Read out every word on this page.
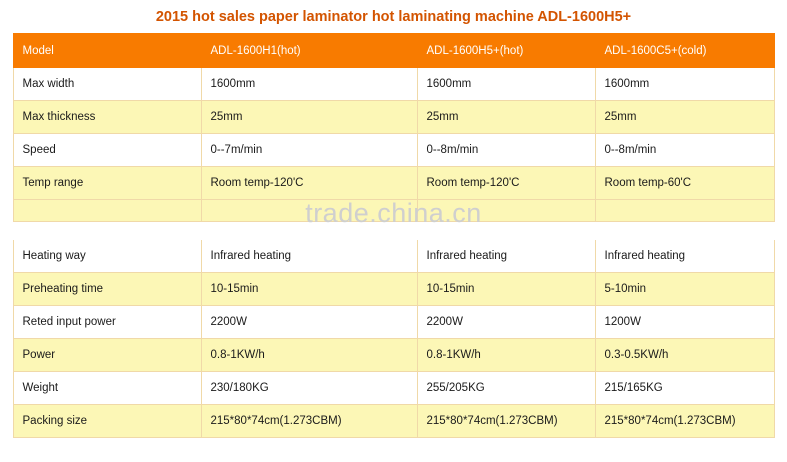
2015 hot sales paper laminator hot laminating machine ADL-1600H5+
Model	ADL-1600H1(hot)	ADL-1600H5+(hot)	ADL-1600C5+(cold)
Max width	1600mm	1600mm	1600mm
Max thickness	25mm	25mm	25mm
Speed	0--7m/min	0--8m/min	0--8m/min
Temp range	Room temp-120'C	Room temp-120'C	Room temp-60'C

Heating way	Infrared heating	Infrared heating	Infrared heating
Preheating time	10-15min	10-15min	5-10min
Reted input power	2200W	2200W	1200W
Power	0.8-1KW/h	0.8-1KW/h	0.3-0.5KW/h
Weight	230/180KG	255/205KG	215/165KG
Packing size	215*80*74cm(1.273CBM)	215*80*74cm(1.273CBM)	215*80*74cm(1.273CBM)
trade.china.cn
